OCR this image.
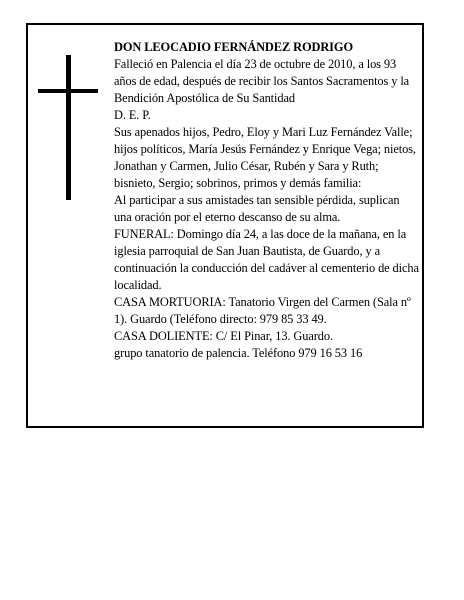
DON LEOCADIO FERNÁNDEZ RODRIGO

Falleció en Palencia el día 23 de octubre de 2010, a los 93 años de edad, después de recibir los Santos Sacramentos y la Bendición Apostólica de Su Santidad

D. E. P.

Sus apenados hijos, Pedro, Eloy y Mari Luz Fernández Valle; hijos políticos, María Jesús Fernández y Enrique Vega; nietos, Jonathan y Carmen, Julio César, Rubén y Sara y Ruth; bisnieto, Sergio; sobrinos, primos y demás familia:

Al participar a sus amistades tan sensible pérdida, suplican una oración por el eterno descanso de su alma.

FUNERAL: Domingo día 24, a las doce de la mañana, en la iglesia parroquial de San Juan Bautista, de Guardo, y a continuación la conducción del cadáver al cementerio de dicha localidad.

CASA MORTUORIA: Tanatorio Virgen del Carmen (Sala nº 1). Guardo (Teléfono directo: 979 85 33 49.

CASA DOLIENTE: C/ El Pinar, 13. Guardo.

grupo tanatorio de palencia. Teléfono 979 16 53 16
